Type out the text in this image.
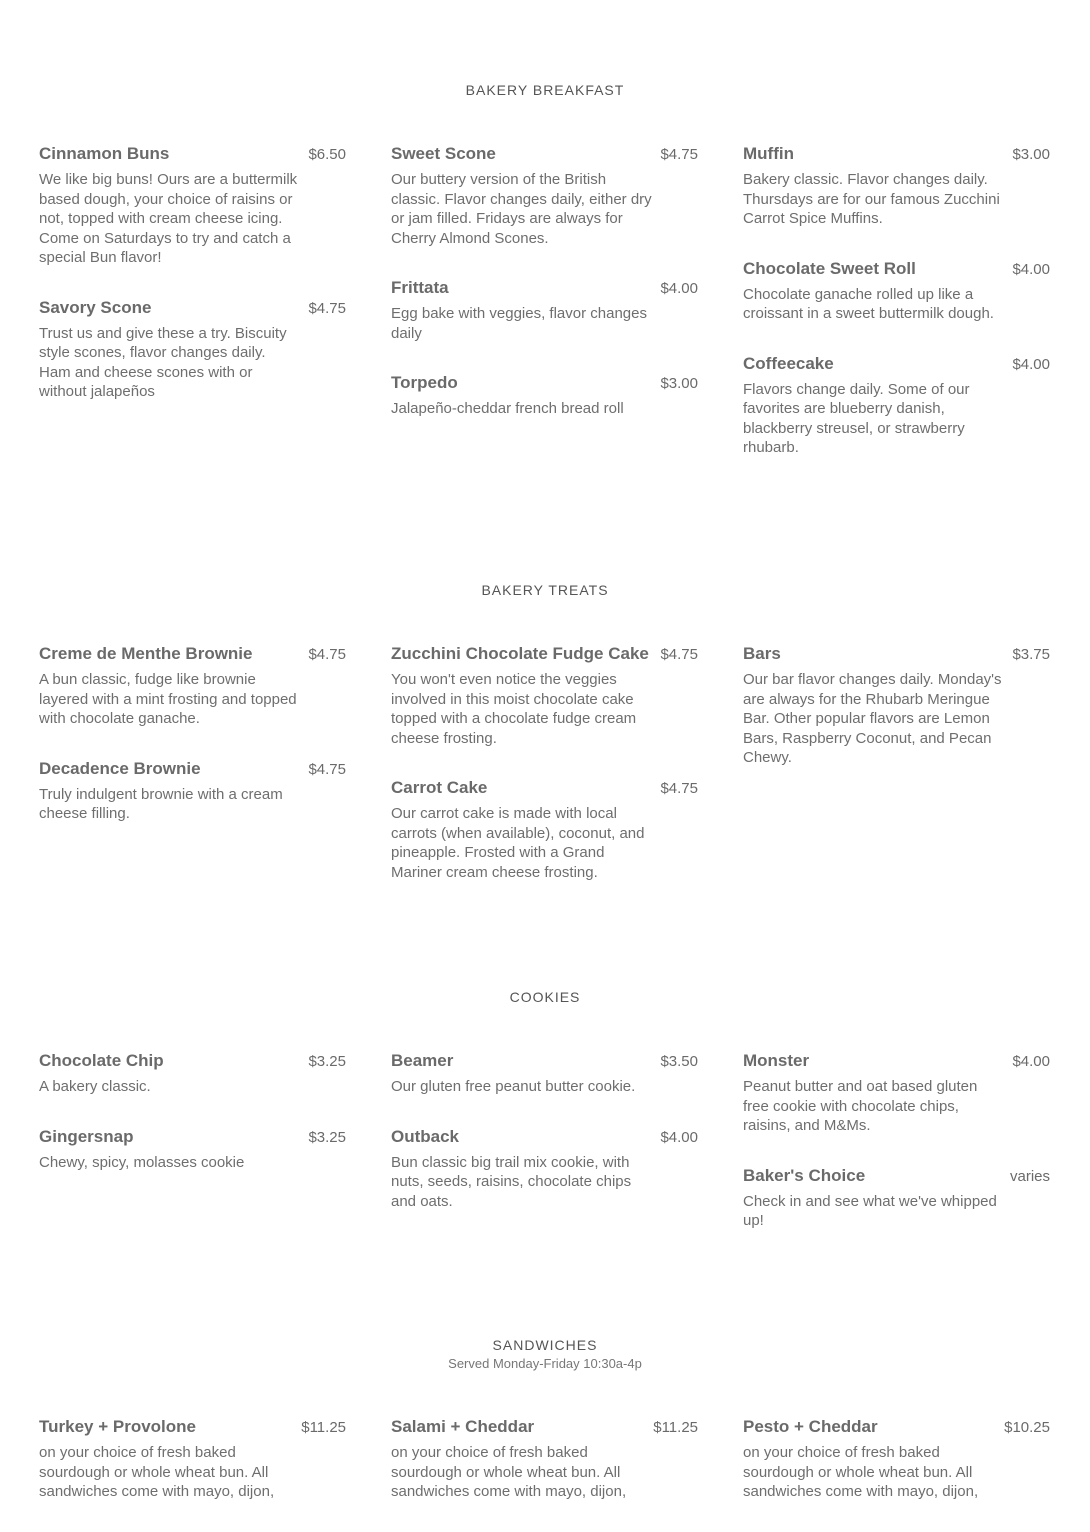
BAKERY BREAKFAST
Cinnamon Buns	$6.50
We like big buns! Ours are a buttermilk based dough, your choice of raisins or not, topped with cream cheese icing. Come on Saturdays to try and catch a special Bun flavor!
Savory Scone	$4.75
Trust us and give these a try. Biscuity style scones, flavor changes daily. Ham and cheese scones with or without jalapeños
Sweet Scone	$4.75
Our buttery version of the British classic. Flavor changes daily, either dry or jam filled. Fridays are always for Cherry Almond Scones.
Frittata	$4.00
Egg bake with veggies, flavor changes daily
Torpedo	$3.00
Jalapeño-cheddar french bread roll
Muffin	$3.00
Bakery classic. Flavor changes daily. Thursdays are for our famous Zucchini Carrot Spice Muffins.
Chocolate Sweet Roll	$4.00
Chocolate ganache rolled up like a croissant in a sweet buttermilk dough.
Coffeecake	$4.00
Flavors change daily. Some of our favorites are blueberry danish, blackberry streusel, or strawberry rhubarb.
BAKERY TREATS
Creme de Menthe Brownie	$4.75
A bun classic, fudge like brownie layered with a mint frosting and topped with chocolate ganache.
Decadence Brownie	$4.75
Truly indulgent brownie with a cream cheese filling.
Zucchini Chocolate Fudge Cake $4.75
You won't even notice the veggies involved in this moist chocolate cake topped with a chocolate fudge cream cheese frosting.
Carrot Cake	$4.75
Our carrot cake is made with local carrots (when available), coconut, and pineapple. Frosted with a Grand Mariner cream cheese frosting.
Bars	$3.75
Our bar flavor changes daily. Monday's are always for the Rhubarb Meringue Bar. Other popular flavors are Lemon Bars, Raspberry Coconut, and Pecan Chewy.
COOKIES
Chocolate Chip	$3.25
A bakery classic.
Gingersnap	$3.25
Chewy, spicy, molasses cookie
Beamer	$3.50
Our gluten free peanut butter cookie.
Outback	$4.00
Bun classic big trail mix cookie, with nuts, seeds, raisins, chocolate chips and oats.
Monster	$4.00
Peanut butter and oat based gluten free cookie with chocolate chips, raisins, and M&Ms.
Baker's Choice	varies
Check in and see what we've whipped up!
SANDWICHES
Served Monday-Friday 10:30a-4p
Turkey + Provolone	$11.25
on your choice of fresh baked sourdough or whole wheat bun. All sandwiches come with mayo, dijon,
Salami + Cheddar	$11.25
on your choice of fresh baked sourdough or whole wheat bun. All sandwiches come with mayo, dijon,
Pesto + Cheddar	$10.25
on your choice of fresh baked sourdough or whole wheat bun. All sandwiches come with mayo, dijon,
